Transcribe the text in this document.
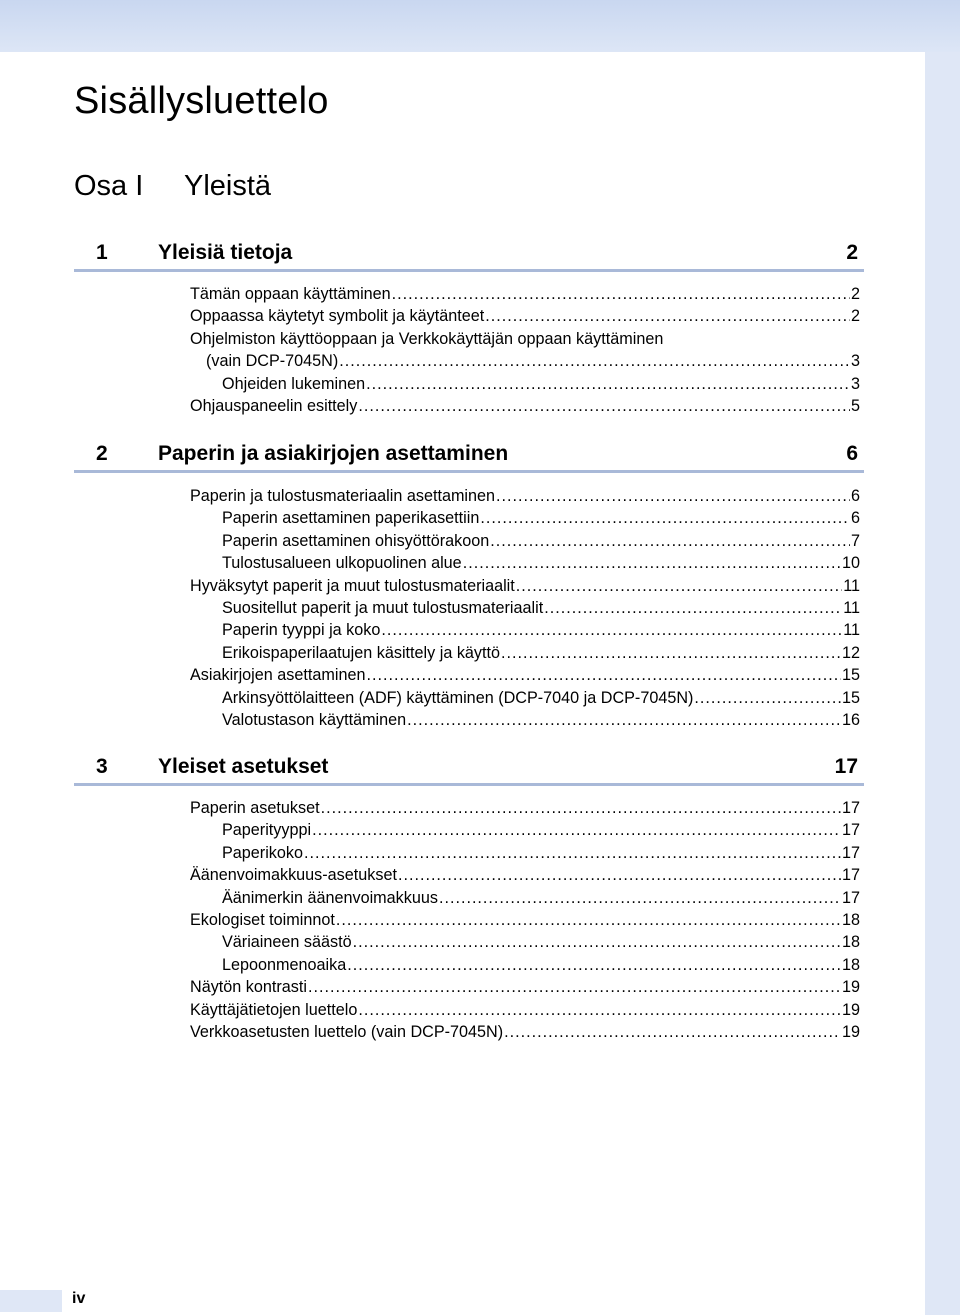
Sisällysluettelo
Osa I Yleistä
1 Yleisiä tietoja	2
Tämän oppaan käyttäminen .....	2
Oppaassa käytetyt symbolit ja käytänteet .....	2
Ohjelmiston käyttöoppaan ja Verkkokäyttäjän oppaan käyttäminen
(vain DCP-7045N) .....	3
Ohjeiden lukeminen .....	3
Ohjauspaneelin esittely .....	5
2 Paperin ja asiakirjojen asettaminen	6
Paperin ja tulostusmateriaalin asettaminen .....	6
Paperin asettaminen paperikasettiin .....	6
Paperin asettaminen ohisyöttörakoon .....	7
Tulostusalueen ulkopuolinen alue .....	10
Hyväksytyt paperit ja muut tulostusmateriaalit .....	11
Suositellut paperit ja muut tulostusmateriaalit .....	11
Paperin tyyppi ja koko .....	11
Erikoispaperilaatujen käsittely ja käyttö .....	12
Asiakirjojen asettaminen .....	15
Arkinsyöttölaitteen (ADF) käyttäminen (DCP-7040 ja DCP-7045N) .....	15
Valotustason käyttäminen .....	16
3 Yleiset asetukset	17
Paperin asetukset .....	17
Paperityyppi .....	17
Paperikoko .....	17
Äänenvoimakkuus-asetukset .....	17
Äänimerkin äänenvoimakkuus .....	17
Ekologiset toiminnot .....	18
Väriaineen säästö .....	18
Lepoonmenoaika .....	18
Näytön kontrasti .....	19
Käyttäjätietojen luettelo .....	19
Verkkoasetusten luettelo (vain DCP-7045N) .....	19
iv
